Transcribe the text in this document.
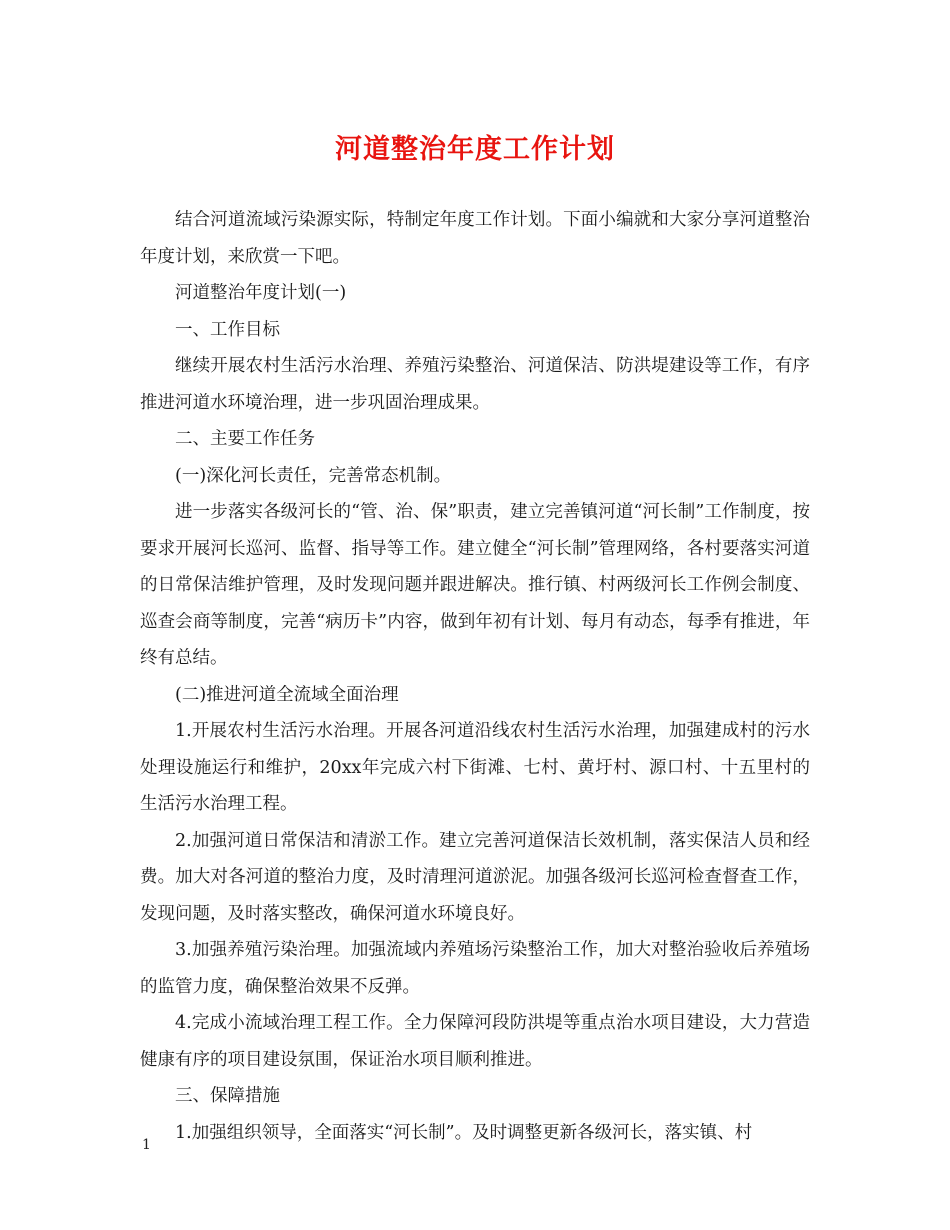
河道整治年度工作计划

结合河道流域污染源实际，特制定年度工作计划。下面小编就和大家分享河道整治年度计划，来欣赏一下吧。

河道整治年度计划(一)

一、工作目标

继续开展农村生活污水治理、养殖污染整治、河道保洁、防洪堤建设等工作，有序推进河道水环境治理，进一步巩固治理成果。

二、主要工作任务

(一)深化河长责任，完善常态机制。

进一步落实各级河长的“管、治、保”职责，建立完善镇河道“河长制”工作制度，按要求开展河长巡河、监督、指导等工作。建立健全“河长制”管理网络，各村要落实河道的日常保洁维护管理，及时发现问题并跟进解决。推行镇、村两级河长工作例会制度、巡查会商等制度，完善“病历卡”内容，做到年初有计划、每月有动态，每季有推进，年终有总结。

(二)推进河道全流域全面治理

1.开展农村生活污水治理。开展各河道沿线农村生活污水治理，加强建成村的污水处理设施运行和维护，20xx年完成六村下街滩、七村、黄圩村、源口村、十五里村的生活污水治理工程。

2.加强河道日常保洁和清淤工作。建立完善河道保洁长效机制，落实保洁人员和经费。加大对各河道的整治力度，及时清理河道淤泥。加强各级河长巡河检查督查工作，发现问题，及时落实整改，确保河道水环境良好。

3.加强养殖污染治理。加强流域内养殖场污染整治工作，加大对整治验收后养殖场的监管力度，确保整治效果不反弹。

4.完成小流域治理工程工作。全力保障河段防洪堤等重点治水项目建设，大力营造健康有序的项目建设氛围，保证治水项目顺利推进。

三、保障措施

1.加强组织领导，全面落实“河长制”。及时调整更新各级河长，落实镇、村

1
